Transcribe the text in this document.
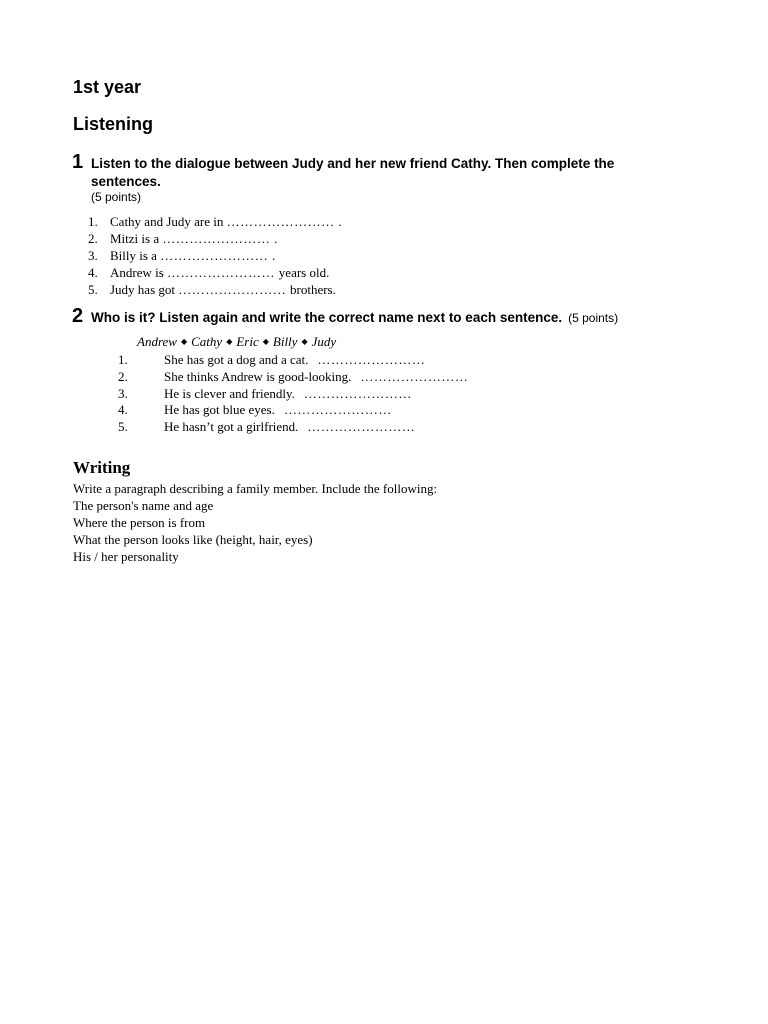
1st year
Listening
1 Listen to the dialogue between Judy and her new friend Cathy. Then complete the sentences.
(5 points)
1. Cathy and Judy are in …………………… .
2. Mitzi is a …………………… .
3. Billy is a …………………… .
4. Andrew is …………………… years old.
5. Judy has got …………………… brothers.
2 Who is it? Listen again and write the correct name next to each sentence. (5 points)
Andrew ◆ Cathy ◆ Eric ◆ Billy ◆ Judy
1.	She has got a dog and a cat. ……………………
2.	She thinks Andrew is good-looking. ……………………
3.	He is clever and friendly. ……………………
4.	He has got blue eyes. ……………………
5.	He hasn’t got a girlfriend. ……………………
Writing
Write a paragraph describing a family member. Include the following:
The person's name and age
Where the person is from
What the person looks like (height, hair, eyes)
His / her personality
